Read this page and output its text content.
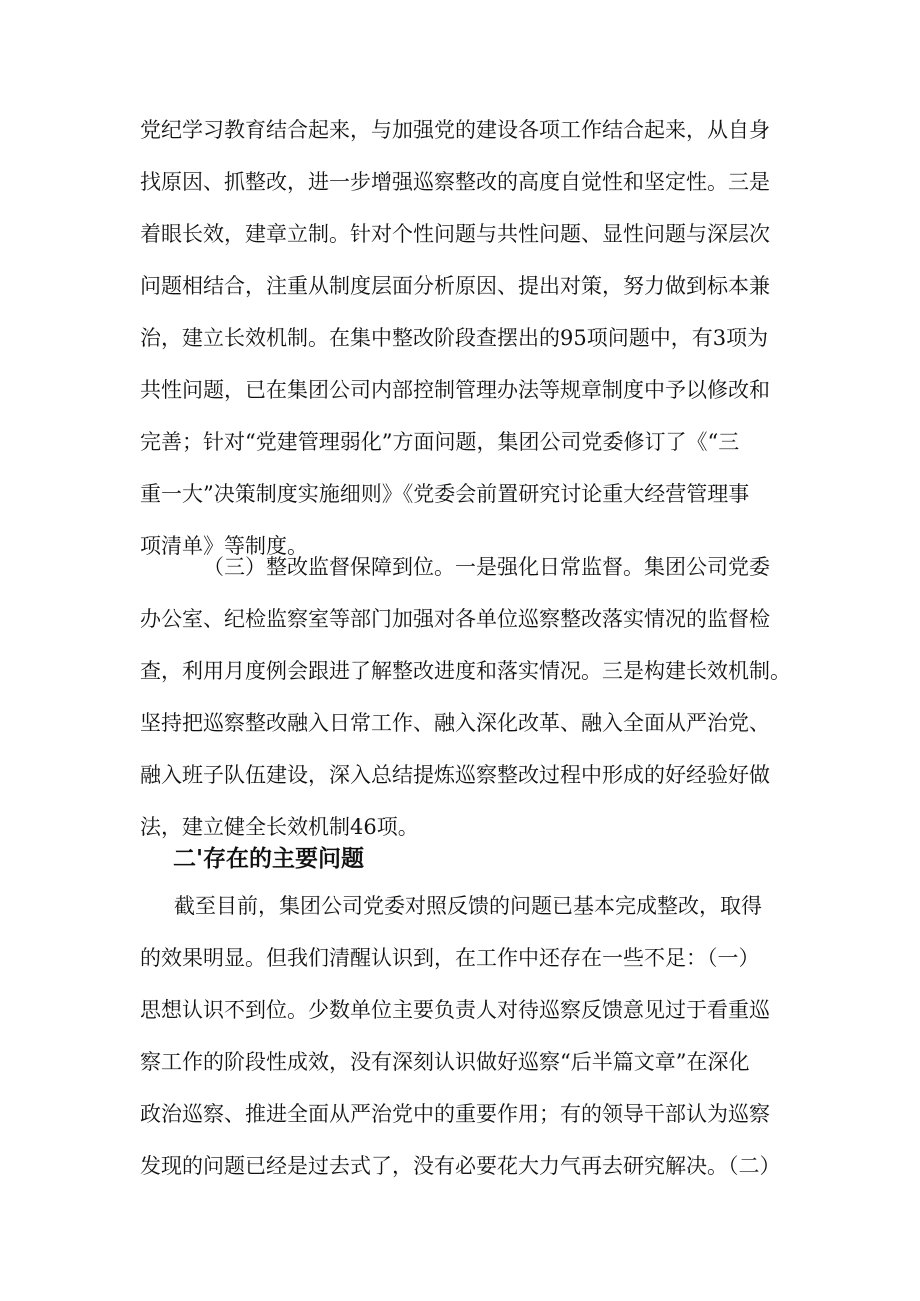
党纪学习教育结合起来，与加强党的建设各项工作结合起来，从自身
找原因、抓整改，进一步增强巡察整改的高度自觉性和坚定性。三是
着眼长效，建章立制。针对个性问题与共性问题、显性问题与深层次
问题相结合，注重从制度层面分析原因、提出对策，努力做到标本兼
治，建立长效机制。在集中整改阶段查摆出的95项问题中，有3项为
共性问题，已在集团公司内部控制管理办法等规章制度中予以修改和
完善；针对“党建管理弱化”方面问题，集团公司党委修订了《“三
重一大”决策制度实施细则》《党委会前置研究讨论重大经营管理事
项清单》等制度。
（三）整改监督保障到位。一是强化日常监督。集团公司党委
办公室、纪检监察室等部门加强对各单位巡察整改落实情况的监督检
查，利用月度例会跟进了解整改进度和落实情况。三是构建长效机制。
坚持把巡察整改融入日常工作、融入深化改革、融入全面从严治党、
融入班子队伍建设，深入总结提炼巡察整改过程中形成的好经验好做
法，建立健全长效机制46项。
二'存在的主要问题
截至目前，集团公司党委对照反馈的问题已基本完成整改，取得
的效果明显。但我们清醒认识到，在工作中还存在一些不足：（一）
思想认识不到位。少数单位主要负责人对待巡察反馈意见过于看重巡
察工作的阶段性成效，没有深刻认识做好巡察“后半篇文章”在深化
政治巡察、推进全面从严治党中的重要作用；有的领导干部认为巡察
发现的问题已经是过去式了，没有必要花大力气再去研究解决。（二）
